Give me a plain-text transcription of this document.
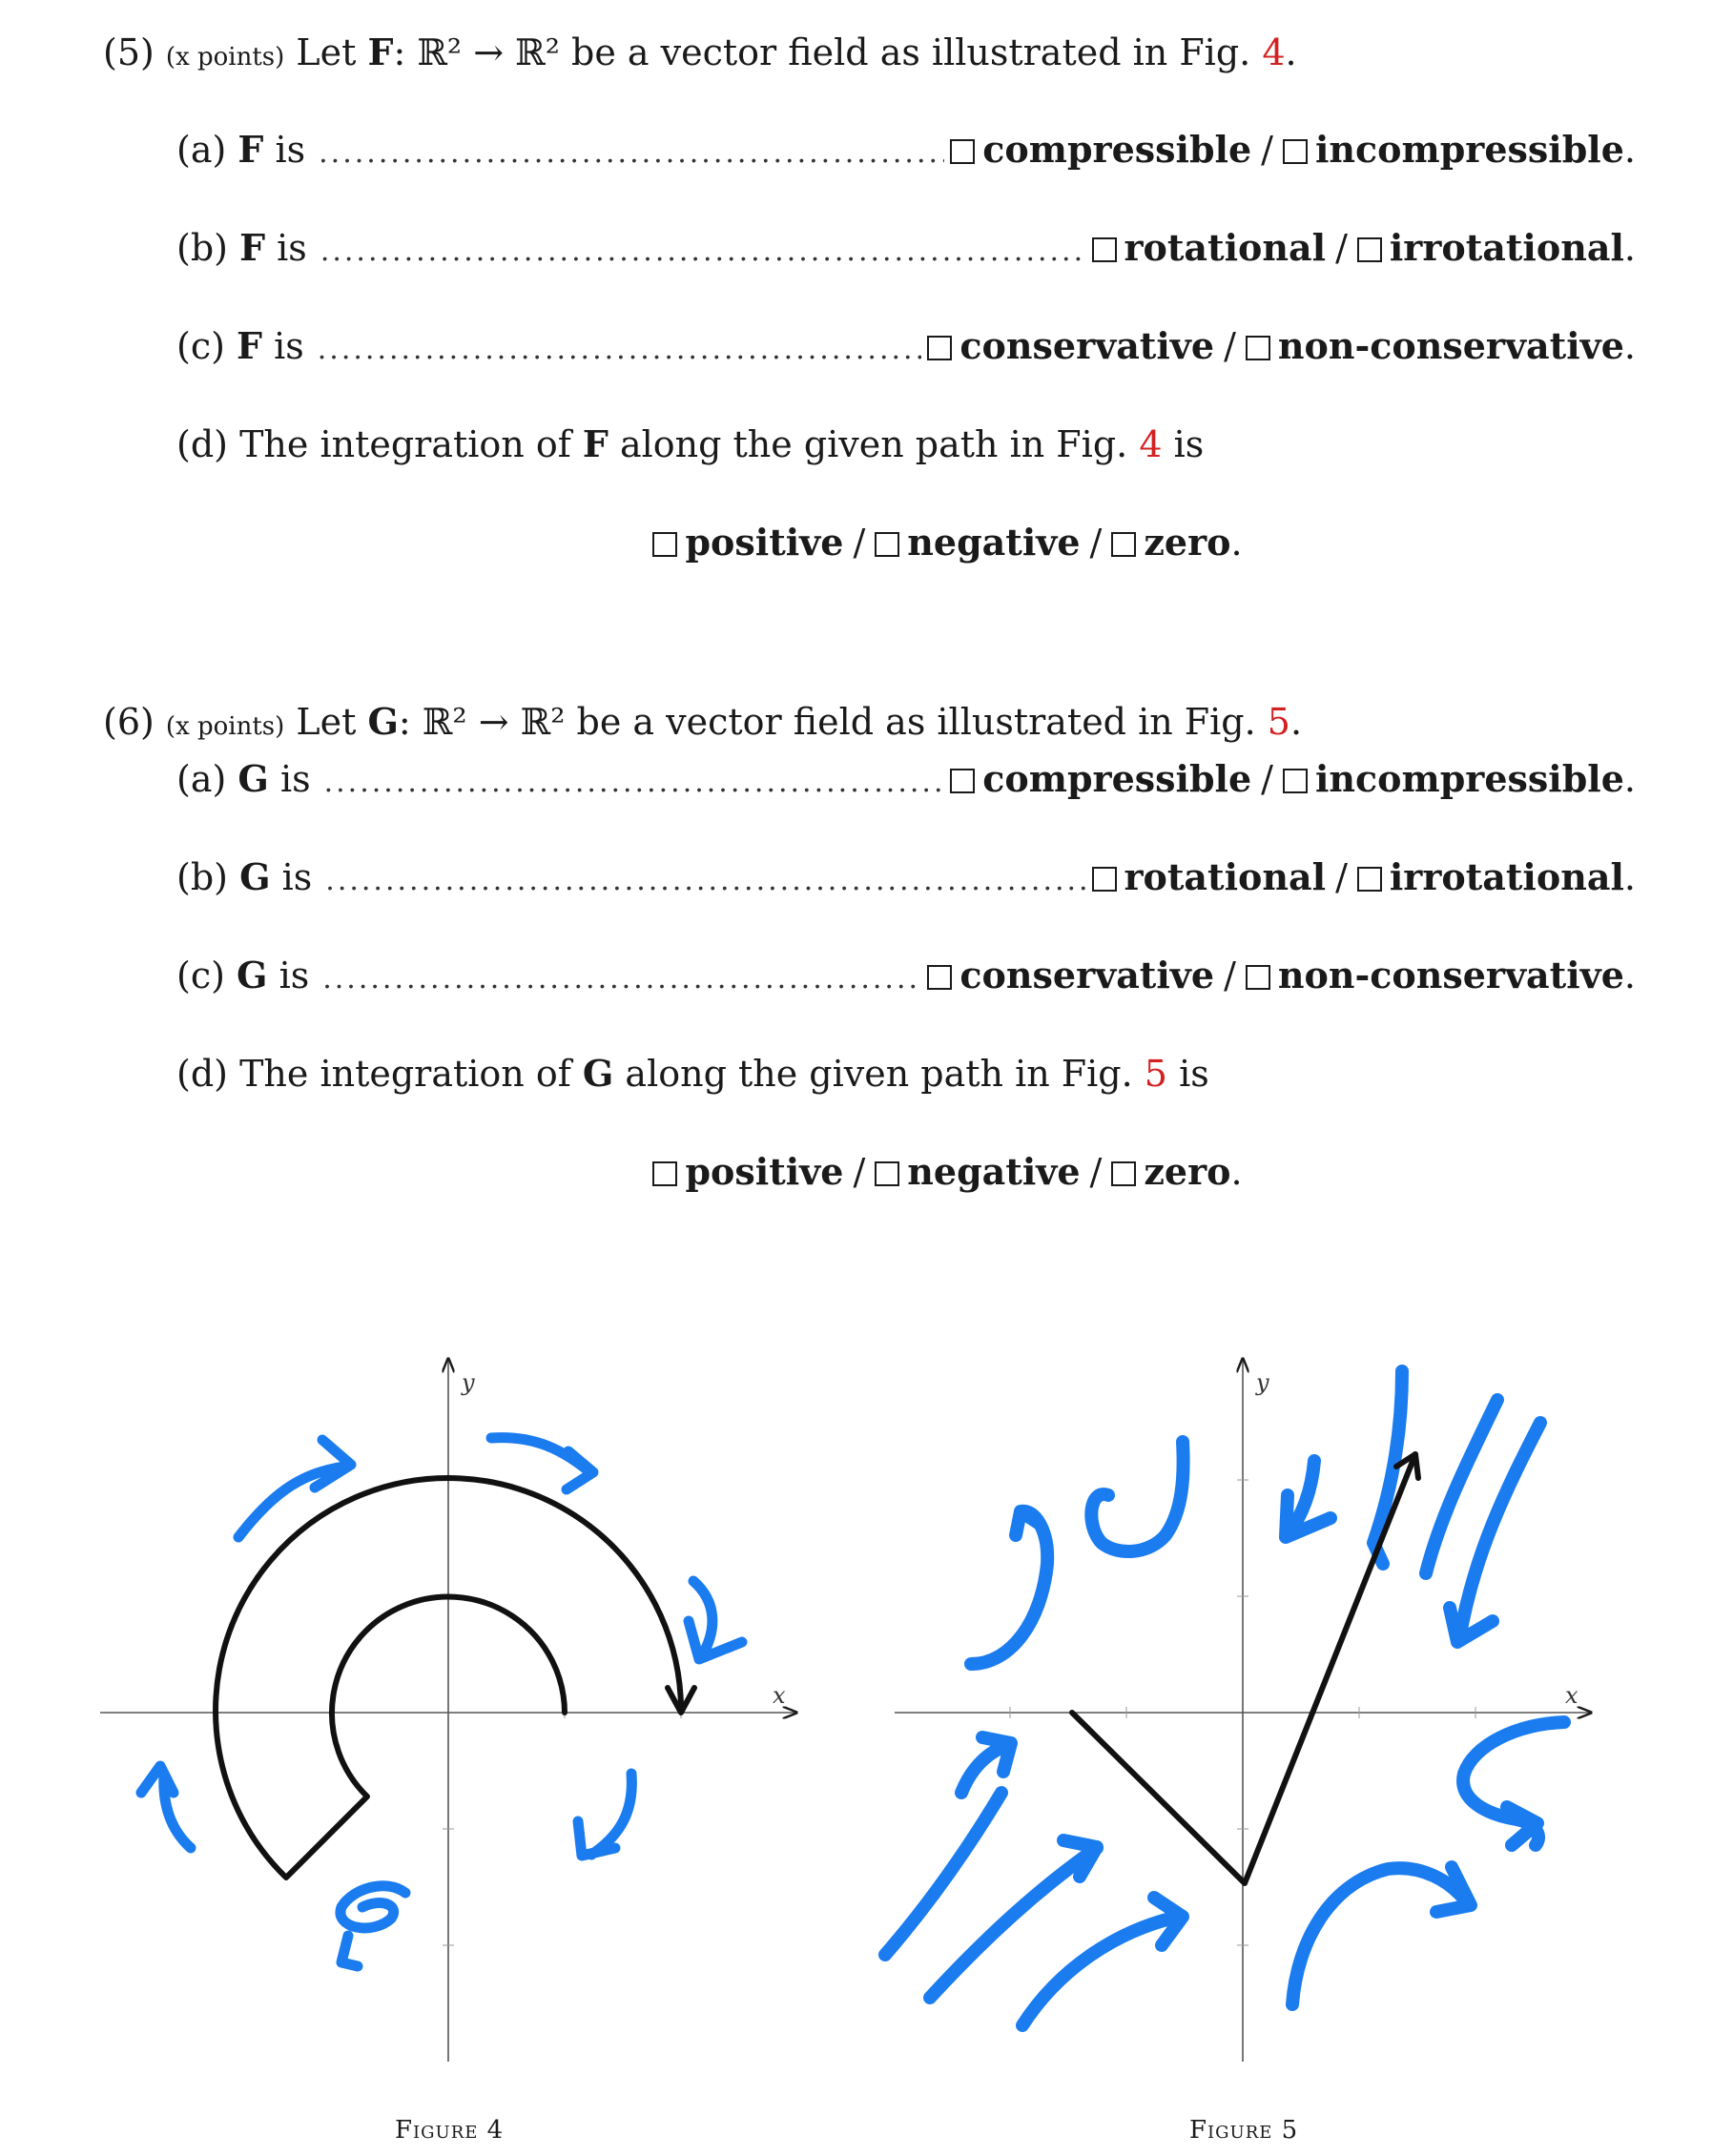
(5) (x points) Let F: ℝ² → ℝ² be a vector field as illustrated in Fig. 4.
(a) F is .....	compressible / incompressible.
(b) F is .....	rotational / irrotational.
(c) F is .....	conservative / non-conservative.
(d) The integration of F along the given path in Fig. 4 is
positive / negative / zero.
(6) (x points) Let G: ℝ² → ℝ² be a vector field as illustrated in Fig. 5.
(a) G is .....	compressible / incompressible.
(b) G is .....	rotational / irrotational.
(c) G is .....	conservative / non-conservative.
(d) The integration of G along the given path in Fig. 5 is
positive / negative / zero.
x
y
Figure 4
x
y
Figure 5
